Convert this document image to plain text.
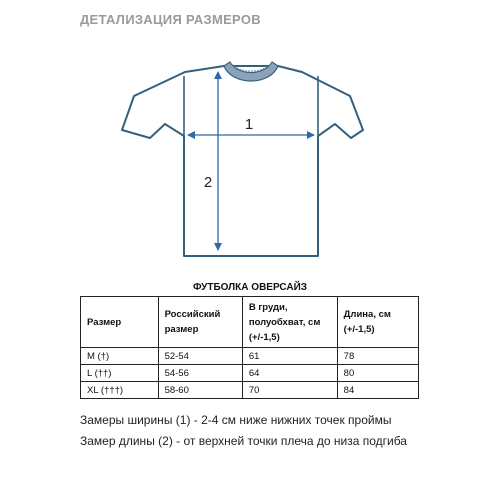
ДЕТАЛИЗАЦИЯ РАЗМЕРОВ
1
2
ФУТБОЛКА ОВЕРСАЙЗ
Размер	Российский размер	В груди, полуобхват, см (+/-1,5)	Длина, см (+/-1,5)
M (†)	52-54	61	78
L (††)	54-56	64	80
XL (†††)	58-60	70	84
Замеры ширины (1) - 2-4 см ниже нижних точек проймы
Замер длины (2) - от верхней точки плеча до низа подгиба
